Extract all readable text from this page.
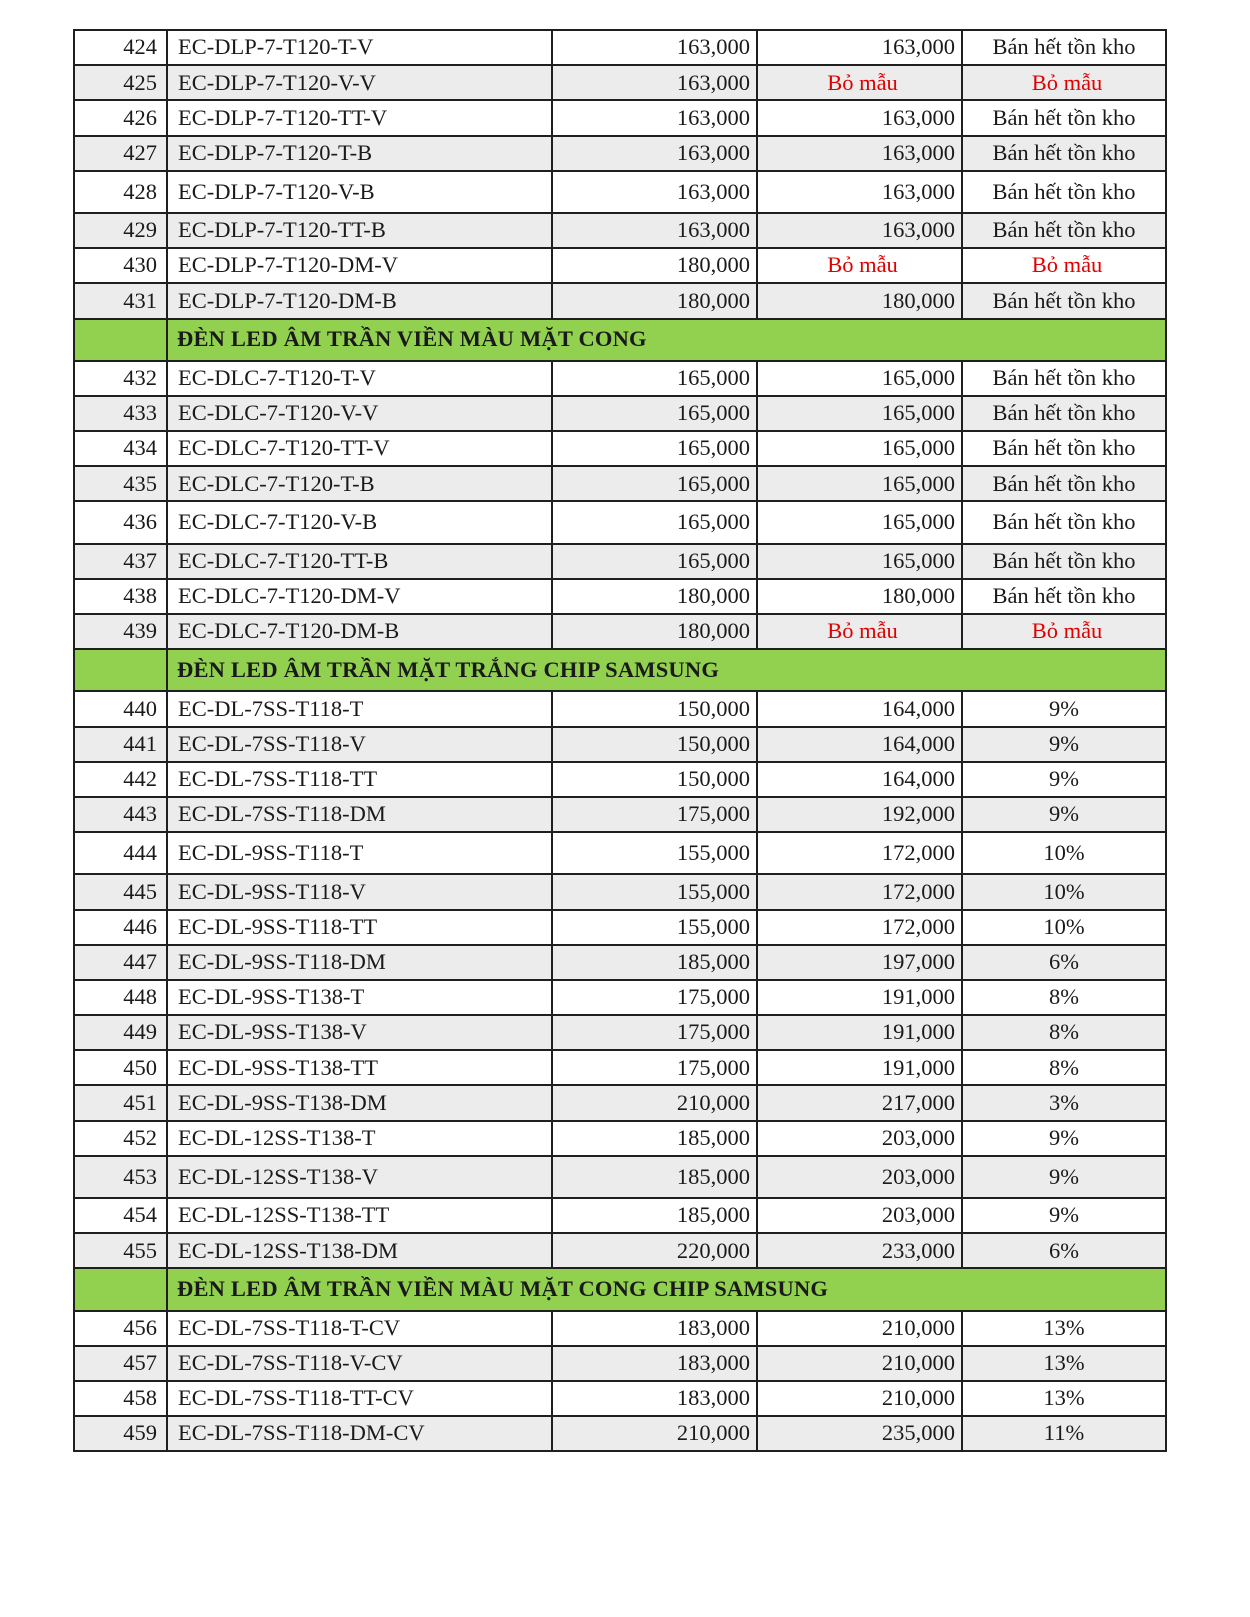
424	EC-DLP-7-T120-T-V	163,000	163,000	Bán hết tồn kho
425	EC-DLP-7-T120-V-V	163,000	Bỏ mẫu	Bỏ mẫu
426	EC-DLP-7-T120-TT-V	163,000	163,000	Bán hết tồn kho
427	EC-DLP-7-T120-T-B	163,000	163,000	Bán hết tồn kho
428	EC-DLP-7-T120-V-B	163,000	163,000	Bán hết tồn kho
429	EC-DLP-7-T120-TT-B	163,000	163,000	Bán hết tồn kho
430	EC-DLP-7-T120-DM-V	180,000	Bỏ mẫu	Bỏ mẫu
431	EC-DLP-7-T120-DM-B	180,000	180,000	Bán hết tồn kho
	ĐÈN LED ÂM TRẦN VIỀN MÀU MẶT CONG			
432	EC-DLC-7-T120-T-V	165,000	165,000	Bán hết tồn kho
433	EC-DLC-7-T120-V-V	165,000	165,000	Bán hết tồn kho
434	EC-DLC-7-T120-TT-V	165,000	165,000	Bán hết tồn kho
435	EC-DLC-7-T120-T-B	165,000	165,000	Bán hết tồn kho
436	EC-DLC-7-T120-V-B	165,000	165,000	Bán hết tồn kho
437	EC-DLC-7-T120-TT-B	165,000	165,000	Bán hết tồn kho
438	EC-DLC-7-T120-DM-V	180,000	180,000	Bán hết tồn kho
439	EC-DLC-7-T120-DM-B	180,000	Bỏ mẫu	Bỏ mẫu
	ĐÈN LED ÂM TRẦN MẶT TRẮNG CHIP SAMSUNG			
440	EC-DL-7SS-T118-T	150,000	164,000	9%
441	EC-DL-7SS-T118-V	150,000	164,000	9%
442	EC-DL-7SS-T118-TT	150,000	164,000	9%
443	EC-DL-7SS-T118-DM	175,000	192,000	9%
444	EC-DL-9SS-T118-T	155,000	172,000	10%
445	EC-DL-9SS-T118-V	155,000	172,000	10%
446	EC-DL-9SS-T118-TT	155,000	172,000	10%
447	EC-DL-9SS-T118-DM	185,000	197,000	6%
448	EC-DL-9SS-T138-T	175,000	191,000	8%
449	EC-DL-9SS-T138-V	175,000	191,000	8%
450	EC-DL-9SS-T138-TT	175,000	191,000	8%
451	EC-DL-9SS-T138-DM	210,000	217,000	3%
452	EC-DL-12SS-T138-T	185,000	203,000	9%
453	EC-DL-12SS-T138-V	185,000	203,000	9%
454	EC-DL-12SS-T138-TT	185,000	203,000	9%
455	EC-DL-12SS-T138-DM	220,000	233,000	6%
	ĐÈN LED ÂM TRẦN VIỀN MÀU MẶT CONG CHIP SAMSUNG			
456	EC-DL-7SS-T118-T-CV	183,000	210,000	13%
457	EC-DL-7SS-T118-V-CV	183,000	210,000	13%
458	EC-DL-7SS-T118-TT-CV	183,000	210,000	13%
459	EC-DL-7SS-T118-DM-CV	210,000	235,000	11%
